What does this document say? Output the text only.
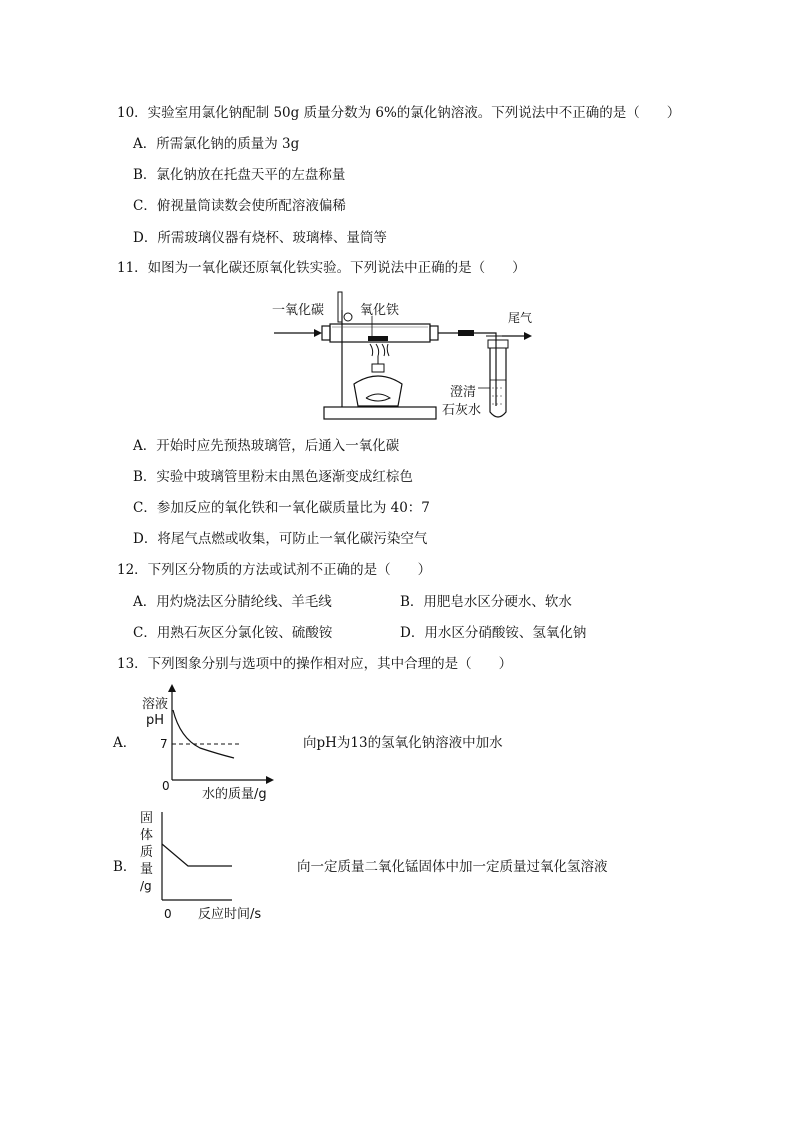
10．实验室用氯化钠配制 50g 质量分数为 6%的氯化钠溶液。下列说法中不正确的是（　　）
A．所需氯化钠的质量为 3g
B．氯化钠放在托盘天平的左盘称量
C．俯视量筒读数会使所配溶液偏稀
D．所需玻璃仪器有烧杯、玻璃棒、量筒等
11．如图为一氧化碳还原氧化铁实验。下列说法中正确的是（　　）
一氧化碳	氧化铁	尾气
澄清
石灰水
A．开始时应先预热玻璃管，后通入一氧化碳
B．实验中玻璃管里粉末由黑色逐渐变成红棕色
C．参加反应的氧化铁和一氧化碳质量比为 40：7
D．将尾气点燃或收集，可防止一氧化碳污染空气
12．下列区分物质的方法或试剂不正确的是（　　）
A．用灼烧法区分腈纶线、羊毛线	B．用肥皂水区分硬水、软水
C．用熟石灰区分氯化铵、硫酸铵	D．用水区分硝酸铵、氢氧化钠
13．下列图象分别与选项中的操作相对应，其中合理的是（　　）
A．
溶液
pH
7
0
水的质量/g
向pH为13的氢氧化钠溶液中加水
B．
固
体
质
量
/g
0 反应时间/s
向一定质量二氧化锰固体中加一定质量过氧化氢溶液
